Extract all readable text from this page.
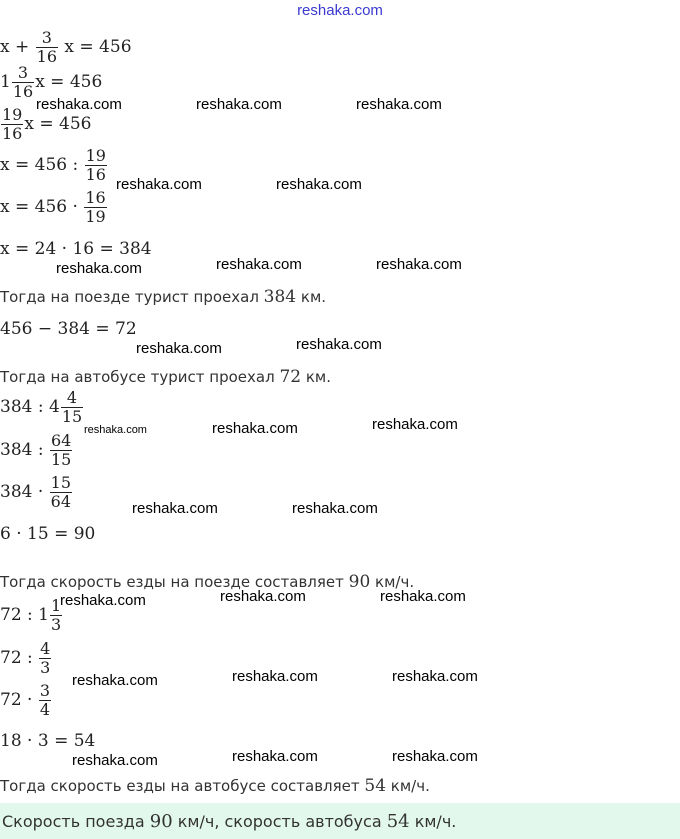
reshaka.com
$x + \frac{3}{16}$ x = 456
$1 \frac{3}{16}$ x = 456
$\frac{19}{16}$ x = 456
x = 456 : $\frac{19}{16}$
$x = 456 \cdot \frac{16}{19}$
x = 24 · 16 = 384
Тогда на поезде турист проехал 384 км.
456 − 384 = 72
Тогда на автобусе турист проехал 72 км.
384 : $4 \frac{4}{15}$
384 : $\frac{64}{15}$
$384 \cdot \frac{15}{64}$
6 · 15 = 90
Тогда скорость езды на поезде составляет 90 км/ч.
72 : $1 \frac{1}{3}$
72 : $\frac{4}{3}$
$72 \cdot \frac{3}{4}$
18 · 3 = 54
Тогда скорость езды на автобусе составляет 54 км/ч.
Скорость поезда 90 км/ч, скорость автобуса 54 км/ч.
reshaka.com	reshaka.com	reshaka.com
reshaka.com	reshaka.com
reshaka.com	reshaka.com	reshaka.com
reshaka.com	reshaka.com
reshaka.com	reshaka.com	reshaka.com
reshaka.com	reshaka.com
reshaka.com	reshaka.com	reshaka.com
reshaka.com	reshaka.com	reshaka.com
reshaka.com	reshaka.com	reshaka.com
